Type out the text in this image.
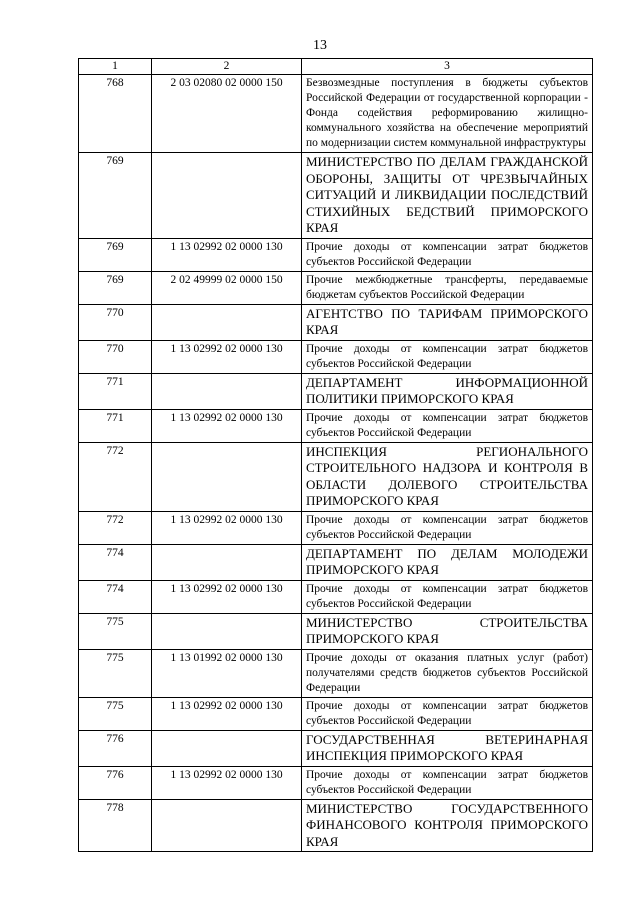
13
1	2	3
768	2 03 02080 02 0000 150	Безвозмездные поступления в бюджеты субъектов Российской Федерации от государственной корпорации - Фонда содействия реформированию жилищно-коммунального хозяйства на обеспечение мероприятий по модернизации систем коммунальной инфраструктуры
769		МИНИСТЕРСТВО ПО ДЕЛАМ ГРАЖДАНСКОЙ ОБОРОНЫ, ЗАЩИТЫ ОТ ЧРЕЗВЫЧАЙНЫХ СИТУАЦИЙ И ЛИКВИДАЦИИ ПОСЛЕДСТВИЙ СТИХИЙНЫХ БЕДСТВИЙ ПРИМОРСКОГО КРАЯ
769	1 13 02992 02 0000 130	Прочие доходы от компенсации затрат бюджетов субъектов Российской Федерации
769	2 02 49999 02 0000 150	Прочие межбюджетные трансферты, передаваемые бюджетам субъектов Российской Федерации
770		АГЕНТСТВО ПО ТАРИФАМ ПРИМОРСКОГО КРАЯ
770	1 13 02992 02 0000 130	Прочие доходы от компенсации затрат бюджетов субъектов Российской Федерации
771		ДЕПАРТАМЕНТ ИНФОРМАЦИОННОЙ ПОЛИТИКИ ПРИМОРСКОГО КРАЯ
771	1 13 02992 02 0000 130	Прочие доходы от компенсации затрат бюджетов субъектов Российской Федерации
772		ИНСПЕКЦИЯ РЕГИОНАЛЬНОГО СТРОИТЕЛЬНОГО НАДЗОРА И КОНТРОЛЯ В ОБЛАСТИ ДОЛЕВОГО СТРОИТЕЛЬСТВА ПРИМОРСКОГО КРАЯ
772	1 13 02992 02 0000 130	Прочие доходы от компенсации затрат бюджетов субъектов Российской Федерации
774		ДЕПАРТАМЕНТ ПО ДЕЛАМ МОЛОДЕЖИ ПРИМОРСКОГО КРАЯ
774	1 13 02992 02 0000 130	Прочие доходы от компенсации затрат бюджетов субъектов Российской Федерации
775		МИНИСТЕРСТВО СТРОИТЕЛЬСТВА ПРИМОРСКОГО КРАЯ
775	1 13 01992 02 0000 130	Прочие доходы от оказания платных услуг (работ) получателями средств бюджетов субъектов Российской Федерации
775	1 13 02992 02 0000 130	Прочие доходы от компенсации затрат бюджетов субъектов Российской Федерации
776		ГОСУДАРСТВЕННАЯ ВЕТЕРИНАРНАЯ ИНСПЕКЦИЯ ПРИМОРСКОГО КРАЯ
776	1 13 02992 02 0000 130	Прочие доходы от компенсации затрат бюджетов субъектов Российской Федерации
778		МИНИСТЕРСТВО ГОСУДАРСТВЕННОГО ФИНАНСОВОГО КОНТРОЛЯ ПРИМОРСКОГО КРАЯ
